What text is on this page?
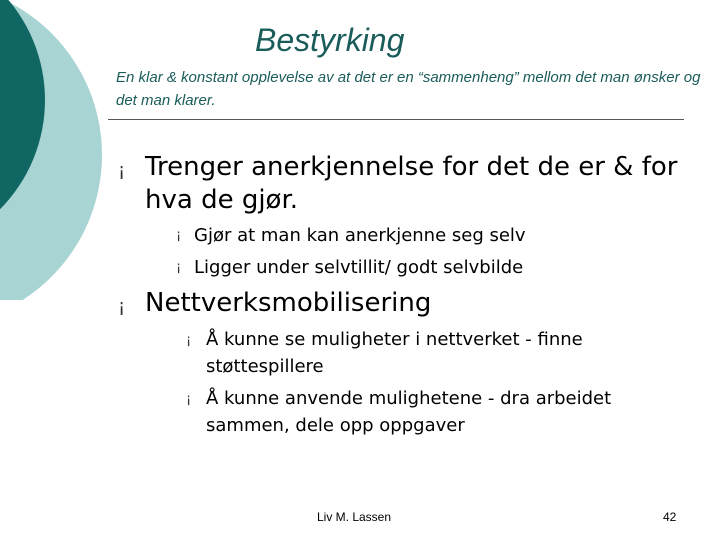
Bestyrking
En klar & konstant opplevelse av at det er en “sammenheng” mellom det man ønsker og det man klarer.
¡ Trenger anerkjennelse for det de er & for hva de gjør.
¡ Gjør at man kan anerkjenne seg selv
¡ Ligger under selvtillit/ godt selvbilde
¡ Nettverksmobilisering
¡ Å kunne se muligheter i nettverket - finne støttespillere
¡ Å kunne anvende mulighetene - dra arbeidet sammen, dele opp oppgaver
Liv M. Lassen	42
